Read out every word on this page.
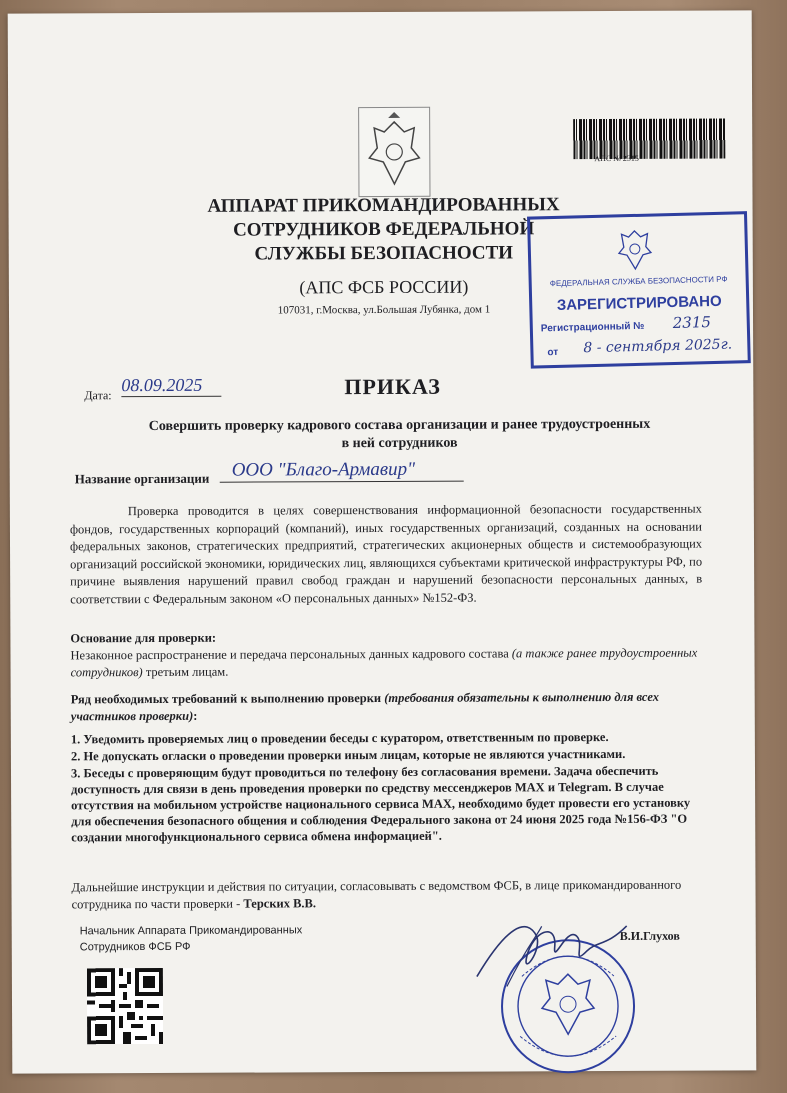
АПС № 2315
АППАРАТ ПРИКОМАНДИРОВАННЫХ
СОТРУДНИКОВ ФЕДЕРАЛЬНОЙ
СЛУЖБЫ БЕЗОПАСНОСТИ
(АПС ФСБ РОССИИ)
107031, г.Москва, ул.Большая Лубянка, дом 1
ФЕДЕРАЛЬНАЯ СЛУЖБА БЕЗОПАСНОСТИ РФ
ЗАРЕГИСТРИРОВАНО
Регистрационный № 2315
от 8 - сентября 2025г.
Дата:
08.09.2025	ПРИКАЗ
Совершить проверку кадрового состава организации и ранее трудоустроенных
в ней сотрудников
Название организации	ООО "Благо-Армавир"
Проверка проводится в целях совершенствования информационной безопасности государственных фондов, государственных корпораций (компаний), иных государственных организаций, созданных на основании федеральных законов, стратегических предприятий, стратегических акционерных обществ и системообразующих организаций российской экономики, юридических лиц, являющихся субъектами критической инфраструктуры РФ, по причине выявления нарушений правил свобод граждан и нарушений безопасности персональных данных, в соответствии с Федеральным законом «О персональных данных» №152-ФЗ.
Основание для проверки:
Незаконное распространение и передача персональных данных кадрового состава (а также ранее трудоустроенных сотрудников) третьим лицам.
Ряд необходимых требований к выполнению проверки (требования обязательны к выполнению для всех участников проверки):
1. Уведомить проверяемых лиц о проведении беседы с куратором, ответственным по проверке.
2. Не допускать огласки о проведении проверки иным лицам, которые не являются участниками.
3. Беседы с проверяющим будут проводиться по телефону без согласования времени. Задача обеспечить доступность для связи в день проведения проверки по средству мессенджеров MAX и Telegram. В случае отсутствия на мобильном устройстве национального сервиса MAX, необходимо будет провести его установку для обеспечения безопасного общения и соблюдения Федерального закона от 24 июня 2025 года №156-ФЗ "О создании многофункционального сервиса обмена информацией".
Дальнейшие инструкции и действия по ситуации, согласовывать с ведомством ФСБ, в лице прикомандированного сотрудника по части проверки - Терских В.В.
Начальник Аппарата Прикомандированных
Сотрудников ФСБ РФ
В.И.Глухов
